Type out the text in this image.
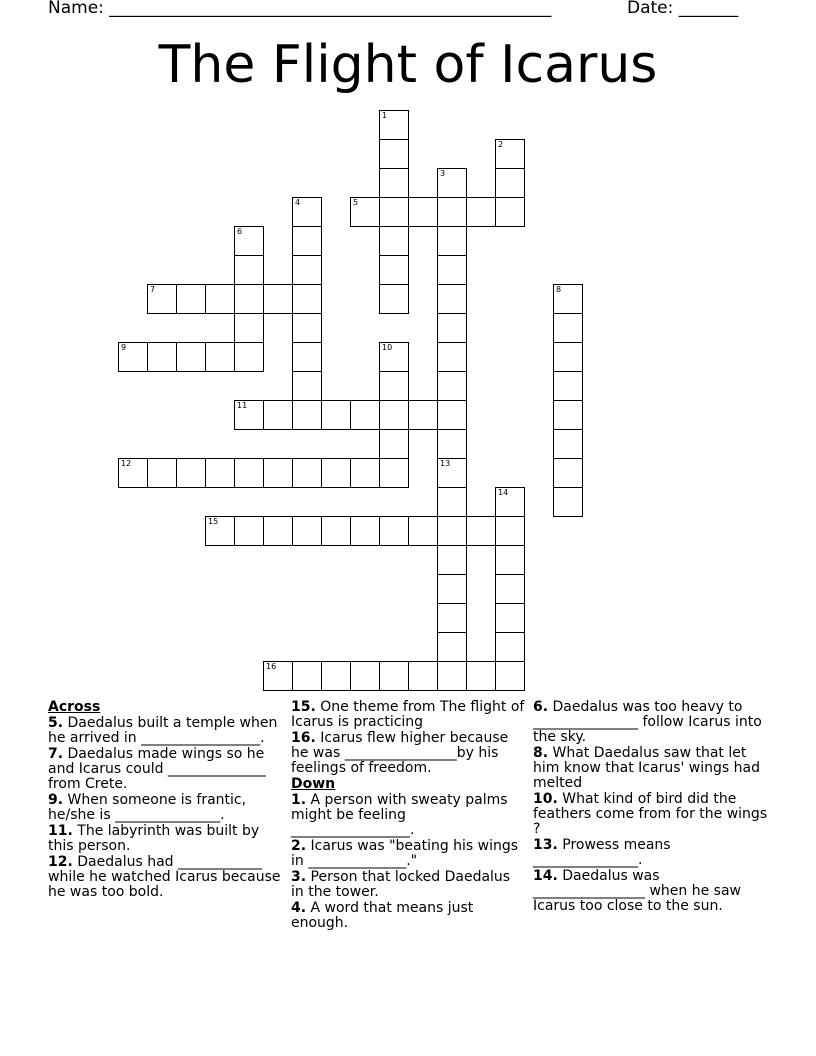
Name: ____________________________________________________	Date: _______
The Flight of Icarus
1
2
3
4	5
6
7	8
9	10
11
12	13
14
15
16
Across
5. Daedalus built a temple when he arrived in _________________.
7. Daedalus made wings so he and Icarus could ______________ from Crete.
9. When someone is frantic, he/she is _______________.
11. The labyrinth was built by this person.
12. Daedalus had ____________ while he watched Icarus because he was too bold.
15. One theme from The flight of Icarus is practicing
16. Icarus flew higher because he was ________________by his feelings of freedom.
Down
1. A person with sweaty palms might be feeling _________________.
2. Icarus was "beating his wings in ______________."
3. Person that locked Daedalus in the tower.
4. A word that means just enough.
6. Daedalus was too heavy to _______________ follow Icarus into the sky.
8. What Daedalus saw that let him know that Icarus' wings had melted
10. What kind of bird did the feathers come from for the wings ?
13. Prowess means _______________.
14. Daedalus was ________________ when he saw Icarus too close to the sun.
